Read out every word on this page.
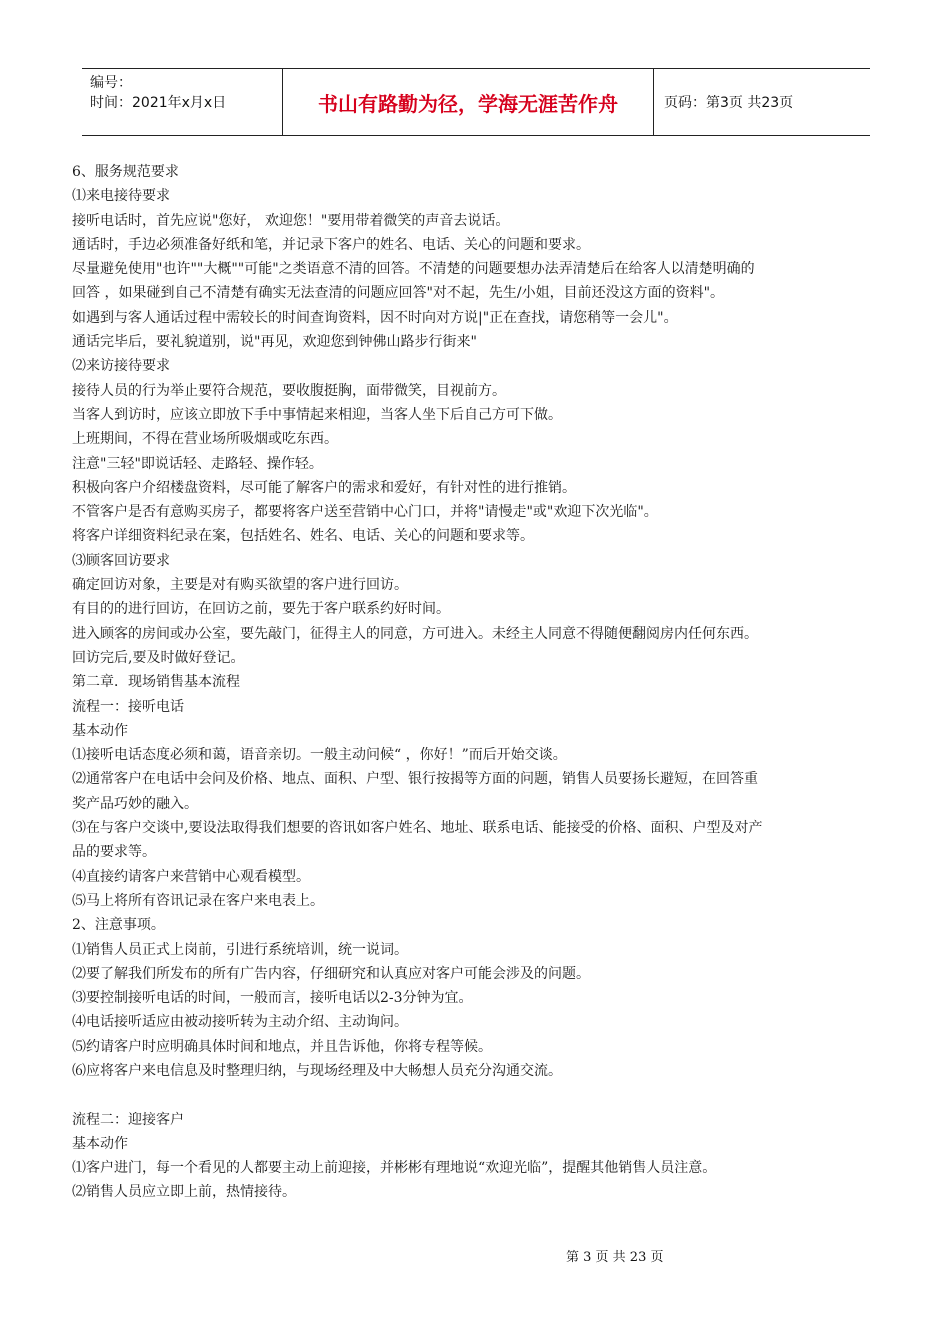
编号：
时间：2021年x月x日	书山有路勤为径，学海无涯苦作舟	页码：第3页 共23页

6、服务规范要求

⑴来电接待要求

接听电话时，首先应说"您好， 欢迎您！"要用带着微笑的声音去说话。

通话时，手边必须准备好纸和笔，并记录下客户的姓名、电话、关心的问题和要求。

尽量避免使用"也许""大概""可能"之类语意不清的回答。不清楚的问题要想办法弄清楚后在给客人以清楚明确的

回答 ，如果碰到自己不清楚有确实无法查清的问题应回答"对不起，先生/小姐，目前还没这方面的资料"。

如遇到与客人通话过程中需较长的时间查询资料，因不时向对方说|"正在查找，请您稍等一会儿"。

通话完毕后，要礼貌道别，说"再见，欢迎您到钟佛山路步行街来"

⑵来访接待要求

接待人员的行为举止要符合规范，要收腹挺胸，面带微笑，目视前方。

当客人到访时，应该立即放下手中事情起来相迎，当客人坐下后自己方可下做。

上班期间，不得在营业场所吸烟或吃东西。

注意"三轻"即说话轻、走路轻、操作轻。

积极向客户介绍楼盘资料，尽可能了解客户的需求和爱好，有针对性的进行推销。

不管客户是否有意购买房子，都要将客户送至营销中心门口，并将"请慢走"或"欢迎下次光临"。

将客户详细资料纪录在案，包括姓名、姓名、电话、关心的问题和要求等。

⑶顾客回访要求

确定回访对象，主要是对有购买欲望的客户进行回访。

有目的的进行回访，在回访之前，要先于客户联系约好时间。

进入顾客的房间或办公室，要先敲门，征得主人的同意，方可进入。未经主人同意不得随便翻阅房内任何东西。

回访完后,要及时做好登记。

第二章．现场销售基本流程

流程一：接听电话

基本动作

⑴接听电话态度必须和蔼，语音亲切。一般主动问候“ ，你好！”而后开始交谈。

⑵通常客户在电话中会问及价格、地点、面积、户型、银行按揭等方面的问题，销售人员要扬长避短，在回答重

奖产品巧妙的融入。

⑶在与客户交谈中,要设法取得我们想要的咨讯如客户姓名、地址、联系电话、能接受的价格、面积、户型及对产

品的要求等。

⑷直接约请客户来营销中心观看模型。

⑸马上将所有咨讯记录在客户来电表上。

2、注意事项。

⑴销售人员正式上岗前，引进行系统培训，统一说词。

⑵要了解我们所发布的所有广告内容，仔细研究和认真应对客户可能会涉及的问题。

⑶要控制接听电话的时间，一般而言，接听电话以2-3分钟为宜。

⑷电话接听适应由被动接听转为主动介绍、主动询问。

⑸约请客户时应明确具体时间和地点，并且告诉他，你将专程等候。

⑹应将客户来电信息及时整理归纳，与现场经理及中大畅想人员充分沟通交流。

流程二：迎接客户

基本动作

⑴客户进门，每一个看见的人都要主动上前迎接，并彬彬有理地说“欢迎光临”，提醒其他销售人员注意。

⑵销售人员应立即上前，热情接待。

第 3 页 共 23 页
